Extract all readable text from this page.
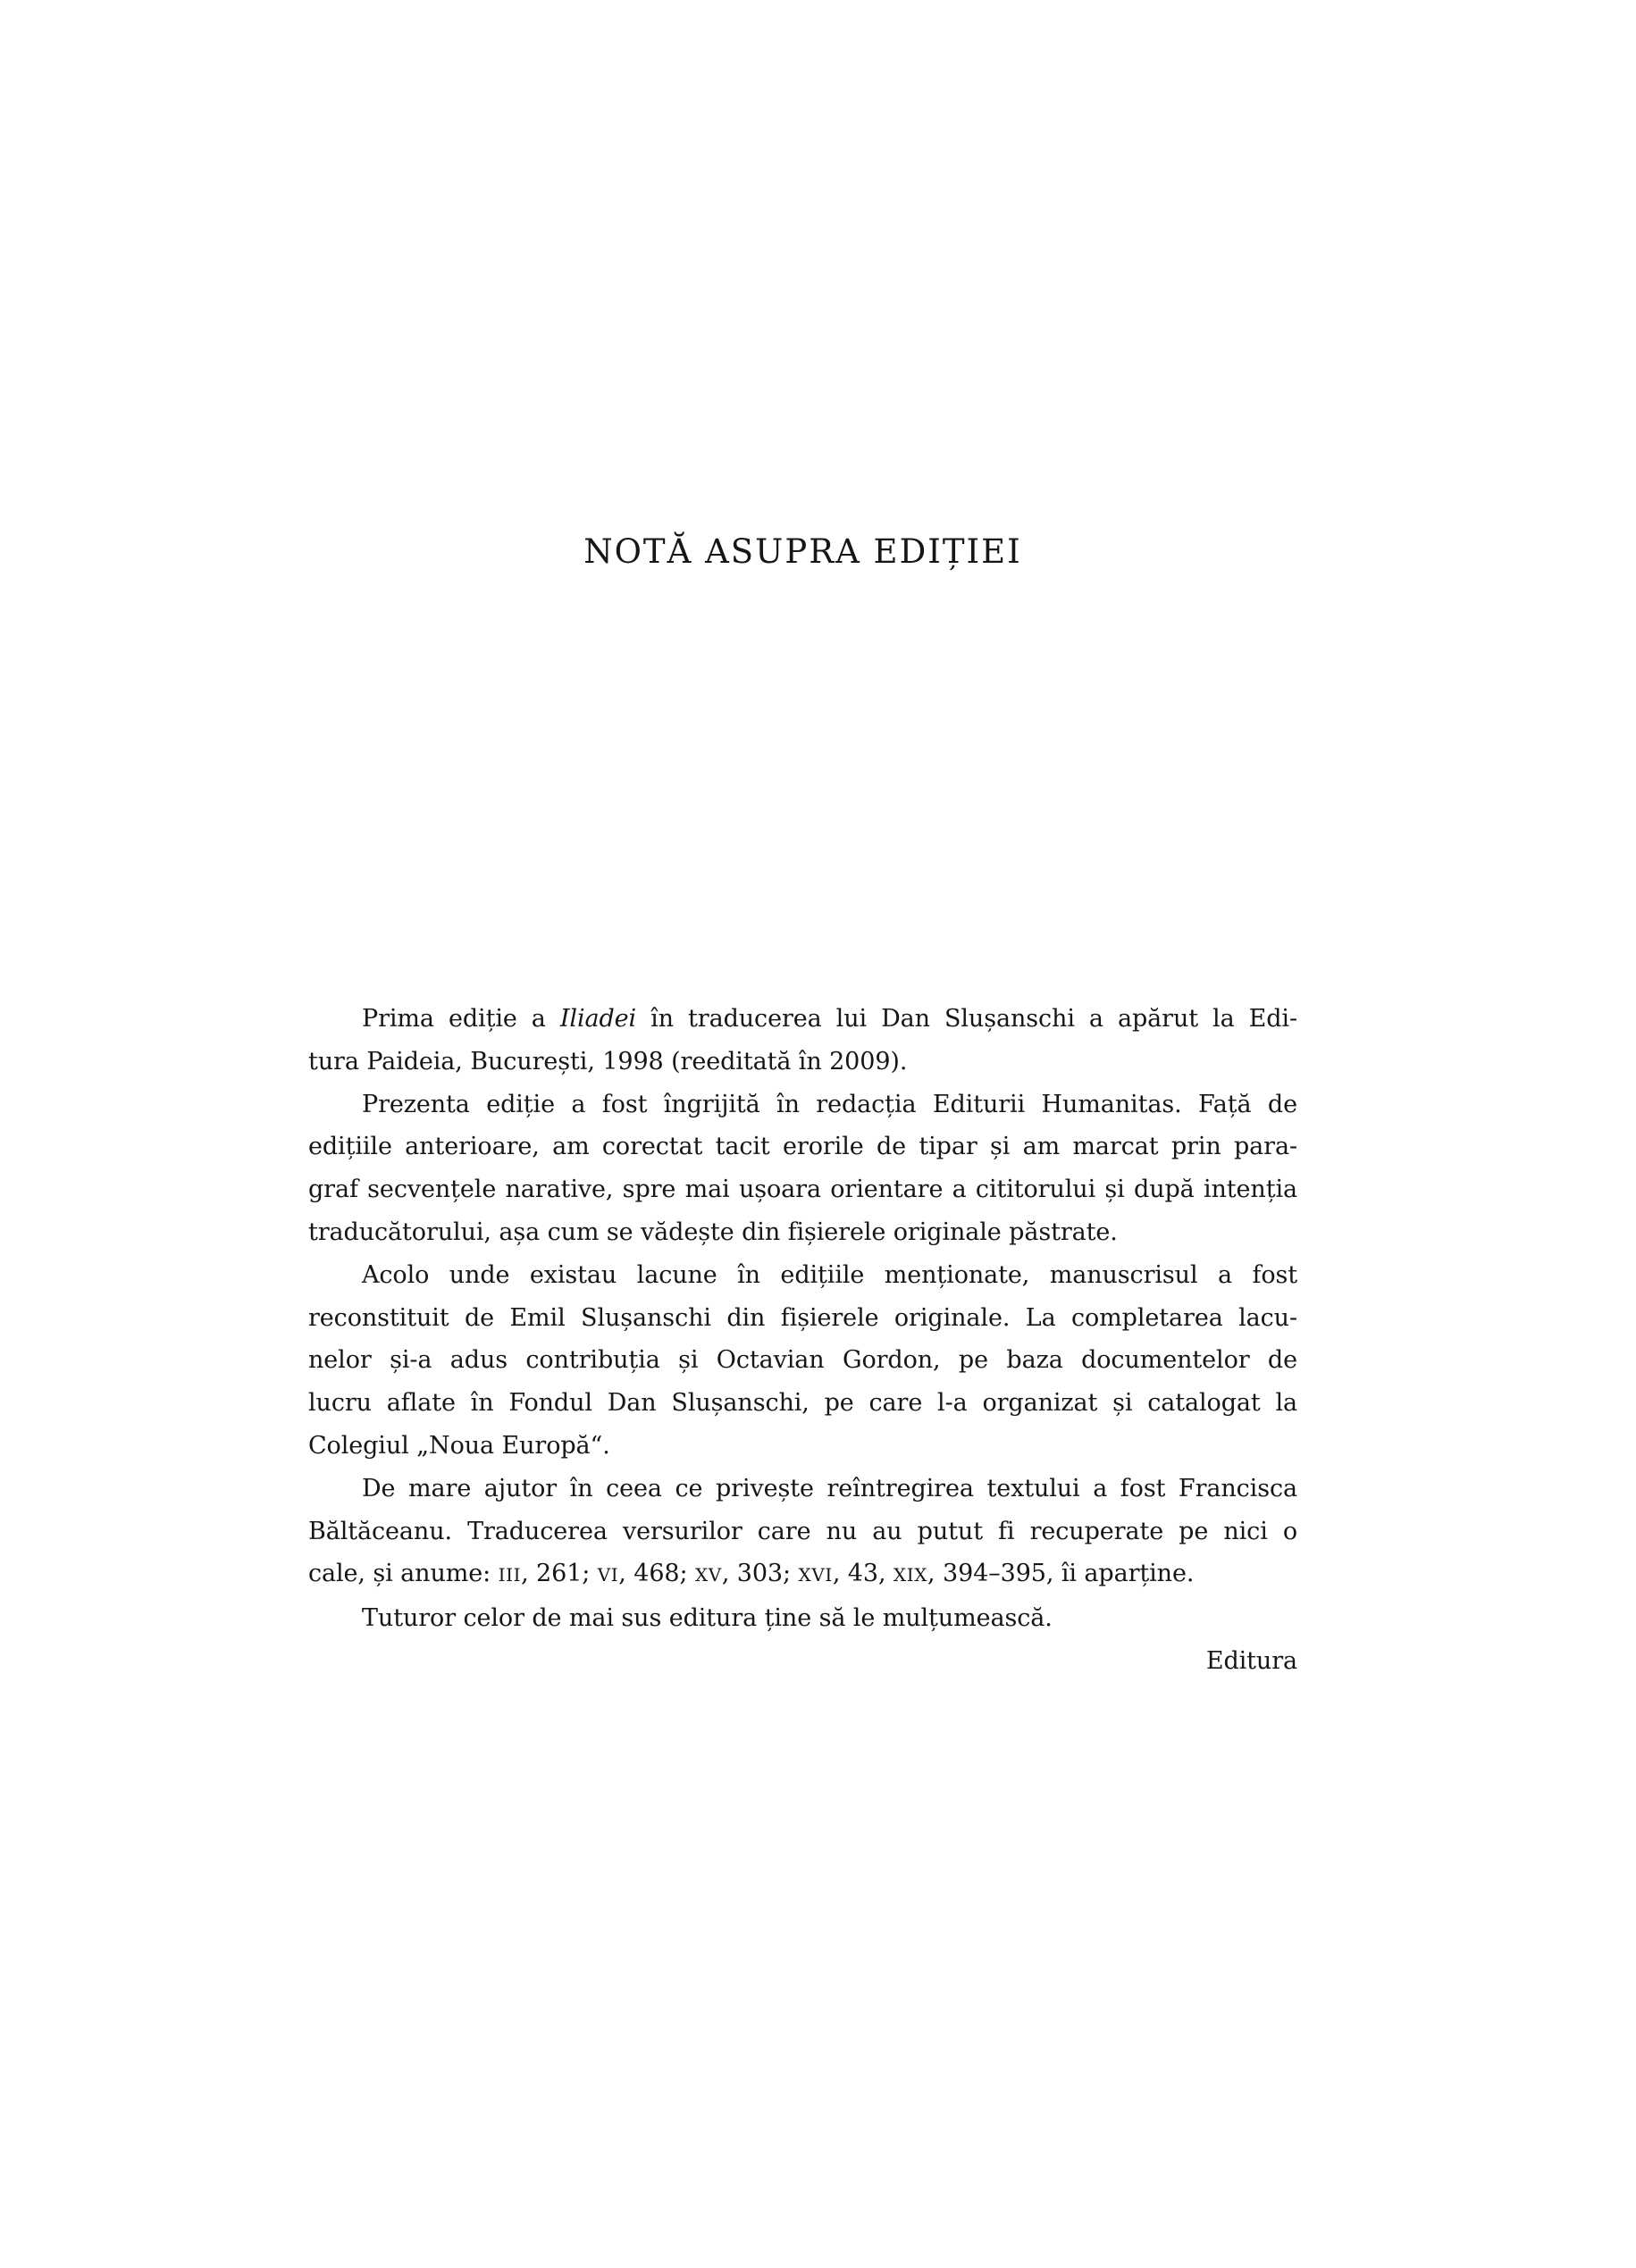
NOTĂ ASUPRA EDIȚIEI
Prima ediție a Iliadei în traducerea lui Dan Slușanschi a apărut la Edi-
tura Paideia, București, 1998 (reeditată în 2009).
Prezenta ediție a fost îngrijită în redacția Editurii Humanitas. Față de
edițiile anterioare, am corectat tacit erorile de tipar și am marcat prin para-
graf secvențele narative, spre mai ușoara orientare a cititorului și după intenția
traducătorului, așa cum se vădește din fișierele originale păstrate.
Acolo unde existau lacune în edițiile menționate, manuscrisul a fost
reconstituit de Emil Slușanschi din fișierele originale. La completarea lacu-
nelor și-a adus contribuția și Octavian Gordon, pe baza documentelor de
lucru aflate în Fondul Dan Slușanschi, pe care l-a organizat și catalogat la
Colegiul „Noua Europă“.
De mare ajutor în ceea ce privește reîntregirea textului a fost Francisca
Băltăceanu. Traducerea versurilor care nu au putut fi recuperate pe nici o
cale, și anume: III, 261; VI, 468; XV, 303; XVI, 43, XIX, 394–395, îi aparține.
Tuturor celor de mai sus editura ține să le mulțumească.
Editura
